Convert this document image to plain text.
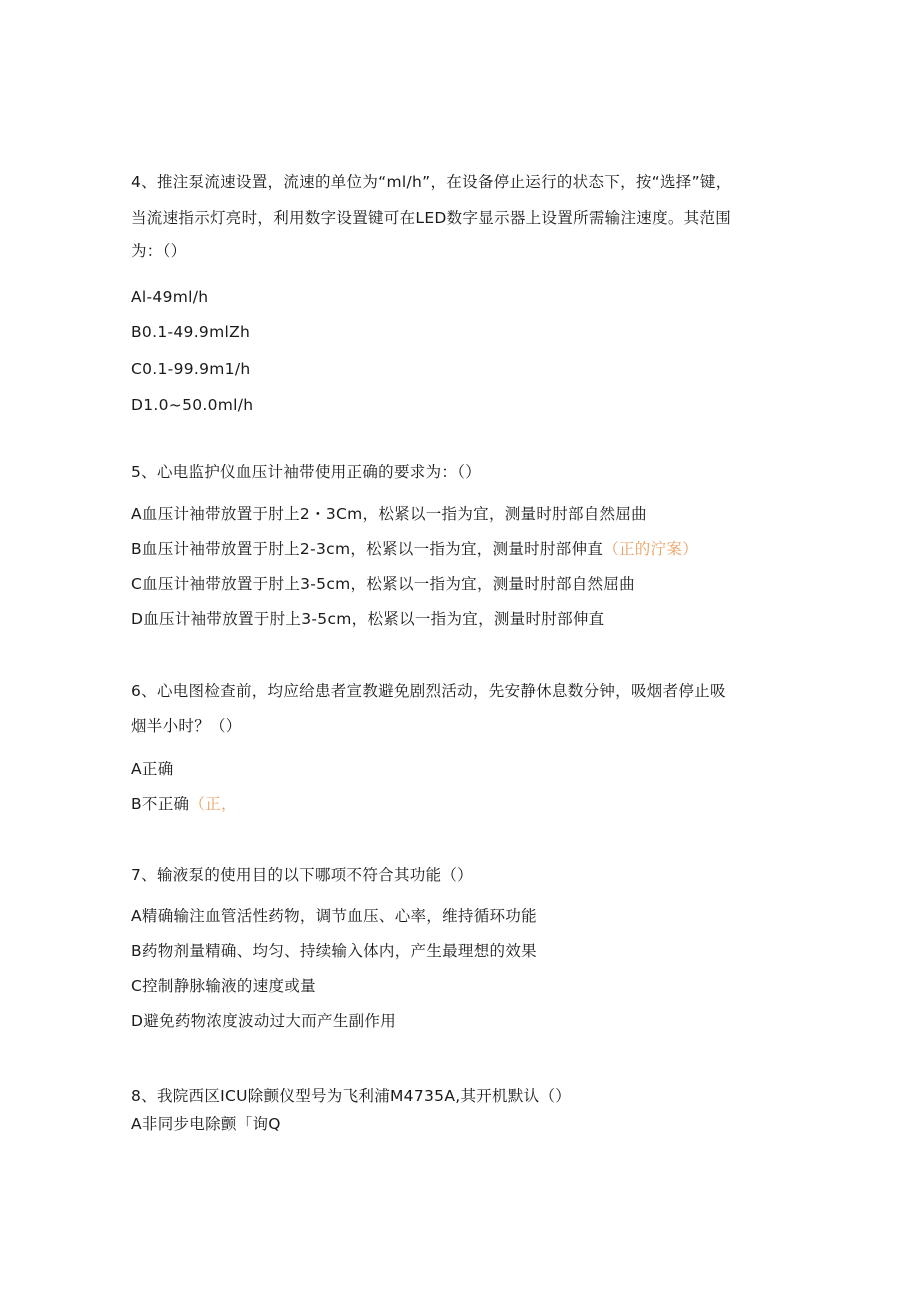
4、推注泵流速设置，流速的单位为“ml/h”，在设备停止运行的状态下，按“选择”键，
当流速指示灯亮时，利用数字设置键可在LED数字显示器上设置所需输注速度。其范围
为：（）
Al-49ml∕h
B0.1-49.9mlZh
C0.1-99.9m1/h
D1.0~50.0ml∕h
5、心电监护仪血压计袖带使用正确的要求为：（）
A血压计袖带放置于肘上2・3Cm，松紧以一指为宜，测量时肘部自然屈曲
B血压计袖带放置于肘上2-3cm，松紧以一指为宜，测量时肘部伸直（正的泞案）
C血压计袖带放置于肘上3-5cm，松紧以一指为宜，测量时肘部自然屈曲
D血压计袖带放置于肘上3-5cm，松紧以一指为宜，测量时肘部伸直
6、心电图检查前，均应给患者宣教避免剧烈活动，先安静休息数分钟，吸烟者停止吸
烟半小时？（）
A正确
B不正确（正，
7、输液泵的使用目的以下哪项不符合其功能（）
A精确输注血管活性药物，调节血压、心率，维持循环功能
B药物剂量精确、均匀、持续输入体内，产生最理想的效果
C控制静脉输液的速度或量
D避免药物浓度波动过大而产生副作用
8、我院西区ICU除颤仪型号为飞利浦M4735A,其开机默认（）
A非同步电除颤「询Q
